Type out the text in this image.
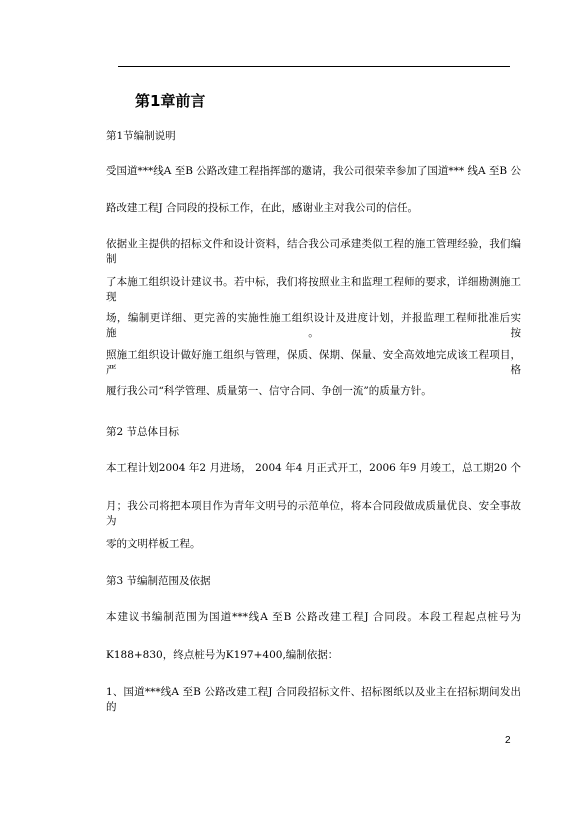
第1章前言
第1节编制说明
受国道***线A 至B 公路改建工程指挥部的邀请，我公司很荣幸参加了国道*** 线A 至B 公
路改建工程J 合同段的投标工作，在此，感谢业主对我公司的信任。
依据业主提供的招标文件和设计资料，结合我公司承建类似工程的施工管理经验，我们编制
了本施工组织设计建议书。若中标，我们将按照业主和监理工程师的要求，详细勘测施工现
场，编制更详细、更完善的实施性施工组织设计及进度计划，并报监理工程师批准后实施。按
照施工组织设计做好施工组织与管理，保质、保期、保量、安全高效地完成该工程项目，严格
履行我公司“科学管理、质量第一、信守合同、争创一流”的质量方针。
第2 节总体目标
本工程计划2004 年2 月进场， 2004 年4 月正式开工，2006 年9 月竣工，总工期20 个
月；我公司将把本项目作为青年文明号的示范单位，将本合同段做成质量优良、安全事故为
零的文明样板工程。
第3 节编制范围及依据
本建议书编制范围为国道***线A 至B 公路改建工程J 合同段。本段工程起点桩号为
K188+830，终点桩号为K197+400,编制依据：
1、国道***线A 至B 公路改建工程J 合同段招标文件、招标图纸以及业主在招标期间发出的
2
